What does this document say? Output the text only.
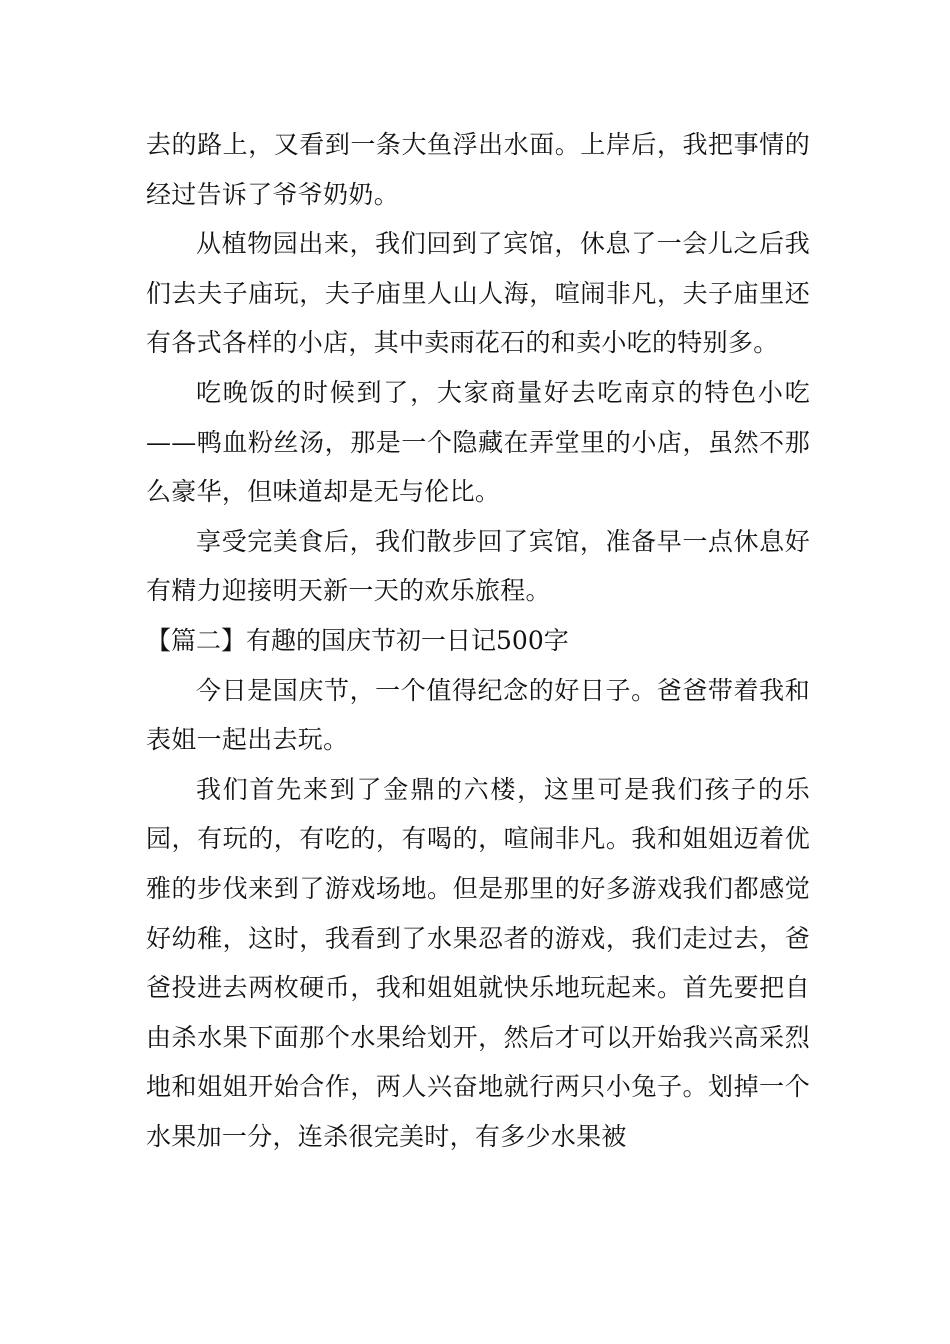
去的路上，又看到一条大鱼浮出水面。上岸后，我把事情的经过告诉了爷爷奶奶。

从植物园出来，我们回到了宾馆，休息了一会儿之后我们去夫子庙玩，夫子庙里人山人海，喧闹非凡，夫子庙里还有各式各样的小店，其中卖雨花石的和卖小吃的特别多。

吃晚饭的时候到了，大家商量好去吃南京的特色小吃——鸭血粉丝汤，那是一个隐藏在弄堂里的小店，虽然不那么豪华，但味道却是无与伦比。

享受完美食后，我们散步回了宾馆，准备早一点休息好有精力迎接明天新一天的欢乐旅程。

【篇二】有趣的国庆节初一日记500字

今日是国庆节，一个值得纪念的好日子。爸爸带着我和表姐一起出去玩。

我们首先来到了金鼎的六楼，这里可是我们孩子的乐园，有玩的，有吃的，有喝的，喧闹非凡。我和姐姐迈着优雅的步伐来到了游戏场地。但是那里的好多游戏我们都感觉好幼稚，这时，我看到了水果忍者的游戏，我们走过去，爸爸投进去两枚硬币，我和姐姐就快乐地玩起来。首先要把自由杀水果下面那个水果给划开，然后才可以开始我兴高采烈地和姐姐开始合作，两人兴奋地就行两只小兔子。划掉一个水果加一分，连杀很完美时，有多少水果被
